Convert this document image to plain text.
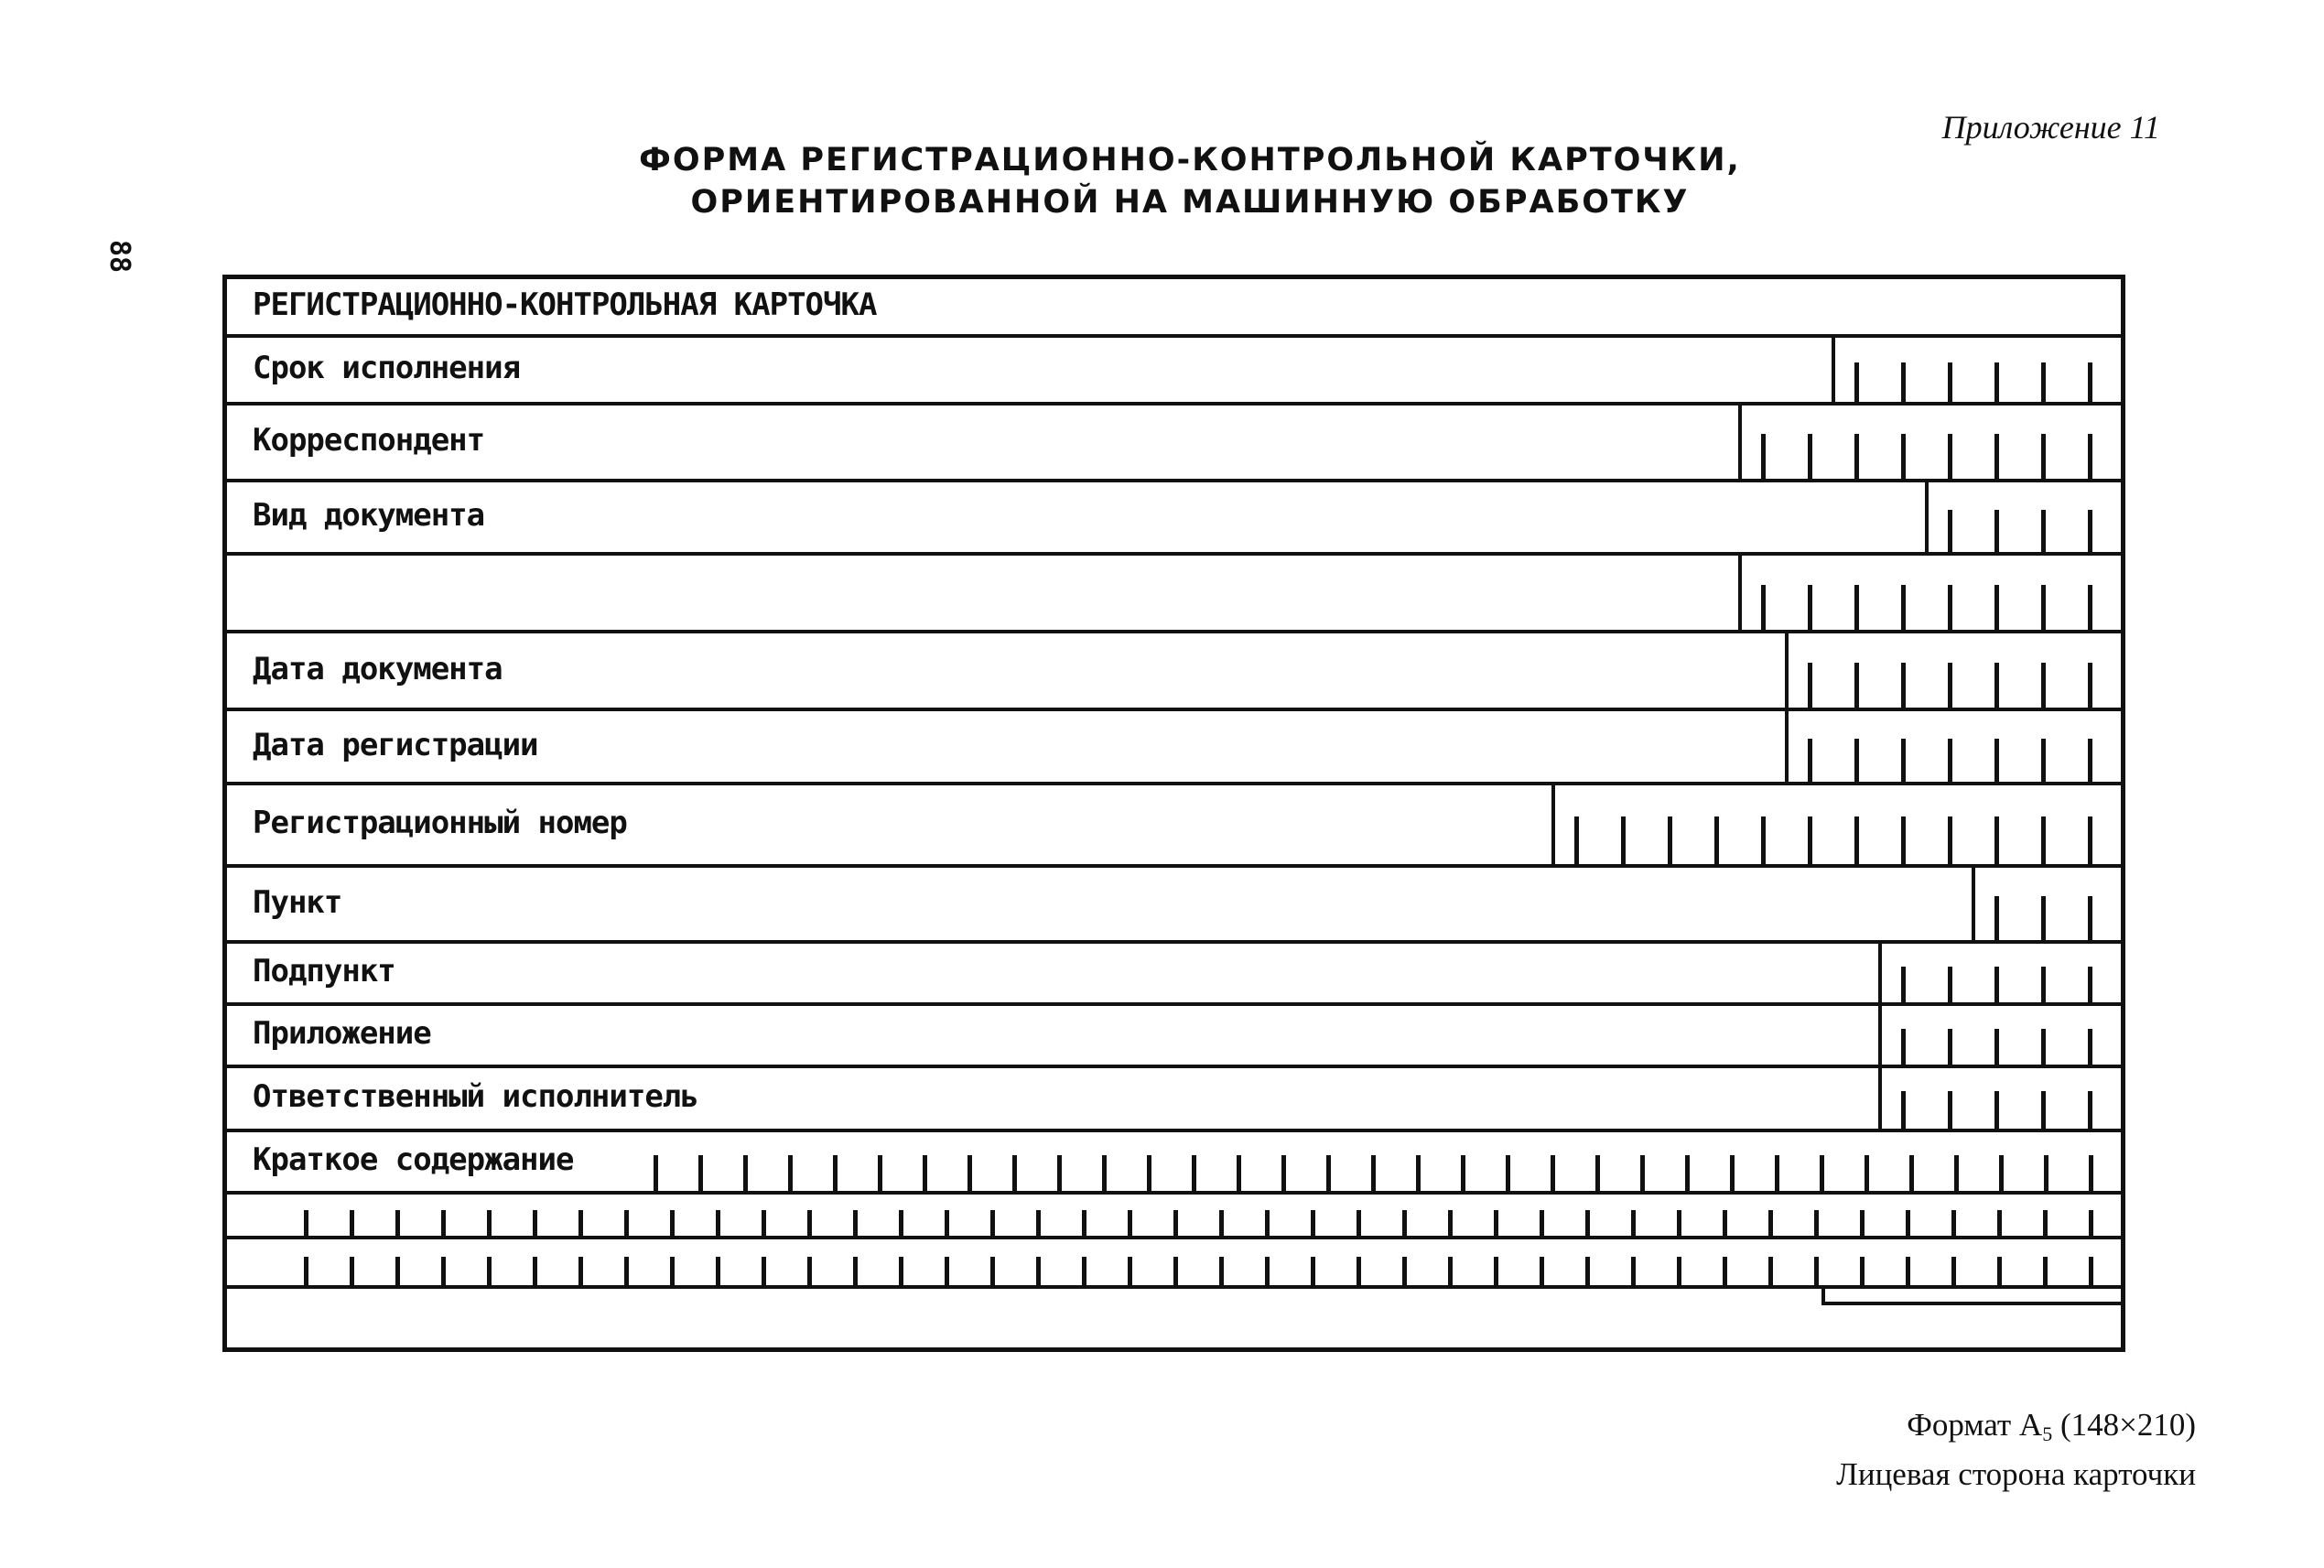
Приложение 11
ФОРМА РЕГИСТРАЦИОННО-КОНТРОЛЬНОЙ КАРТОЧКИ,
ОРИЕНТИРОВАННОЙ НА МАШИННУЮ ОБРАБОТКУ
88
РЕГИСТРАЦИОННО-КОНТРОЛЬНАЯ КАРТОЧКА
Срок исполнения
Корреспондент
Вид документа
Дата документа
Дата регистрации
Регистрационный номер
Пункт
Подпункт
Приложение
Ответственный исполнитель
Краткое содержание
Формат $А_5$ (148×210)
Лицевая сторона карточки
